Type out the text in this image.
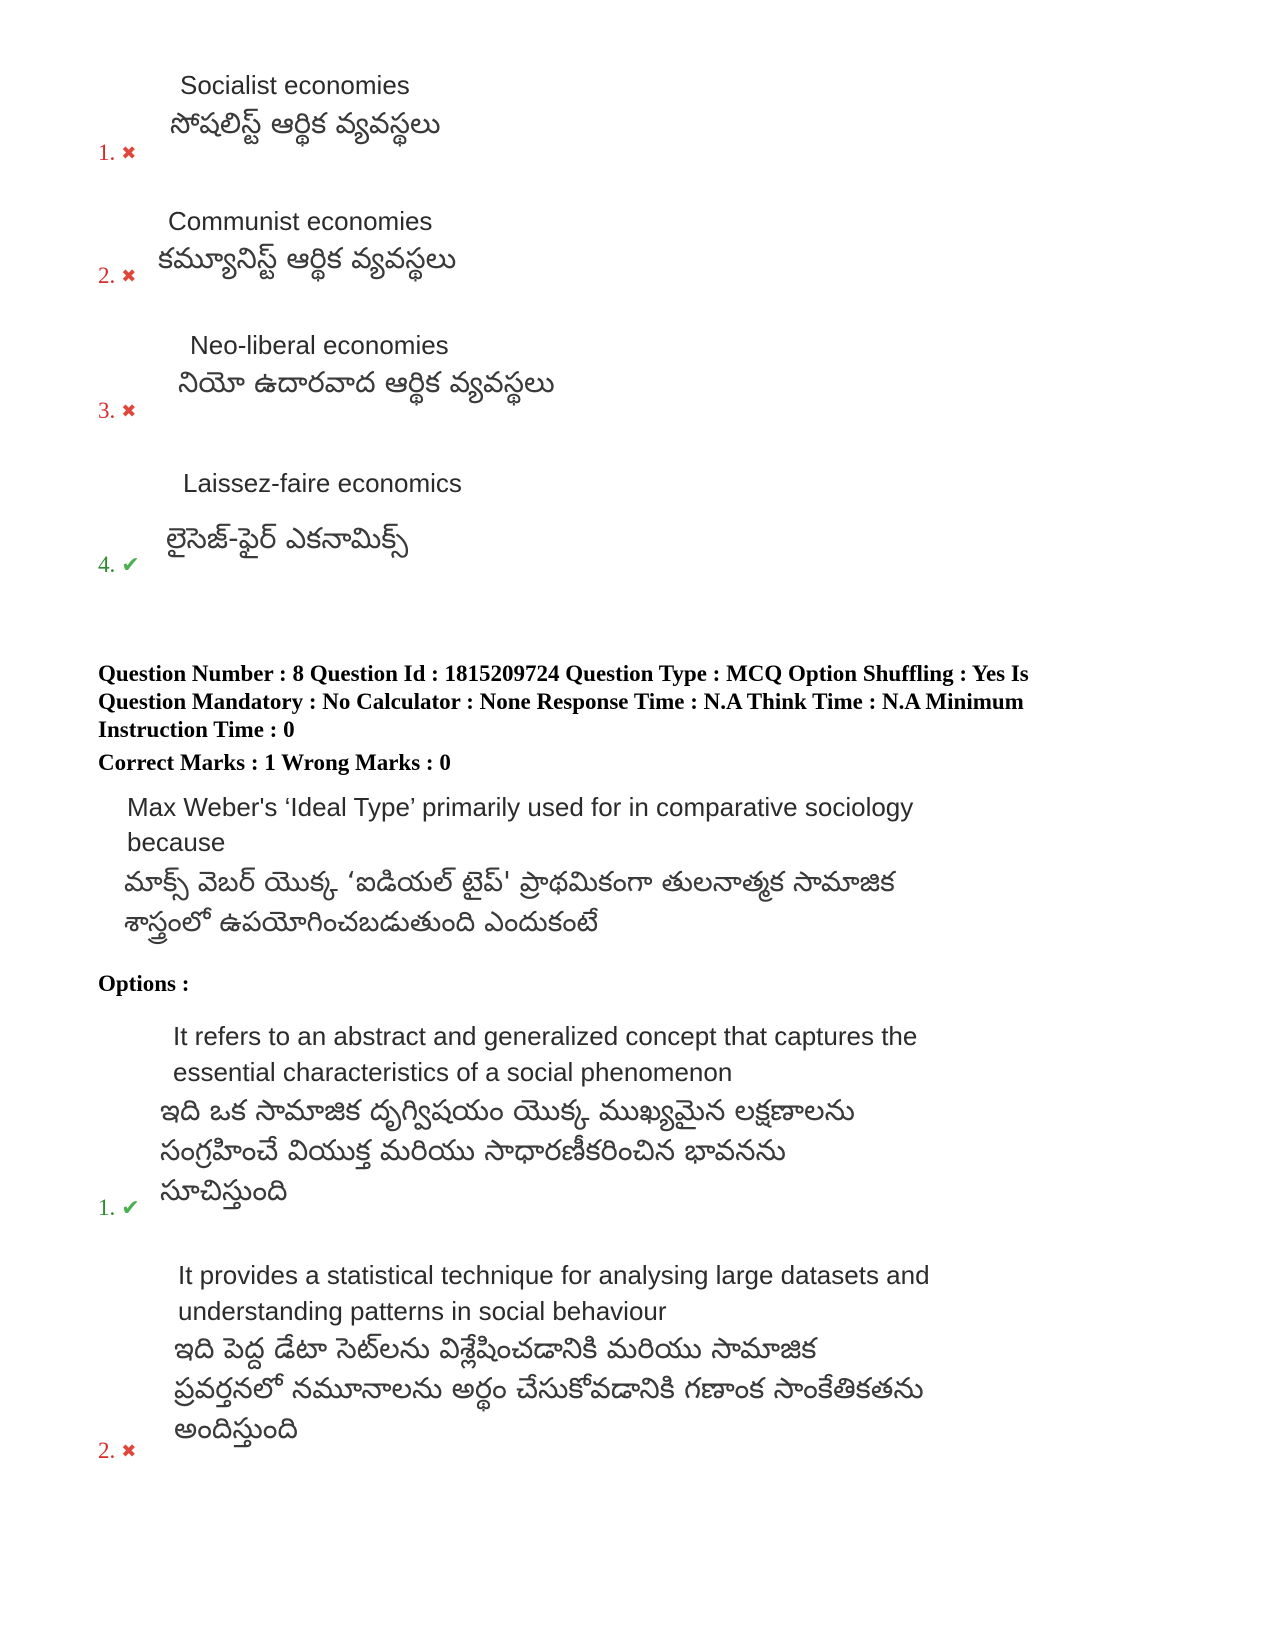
Socialist economies
సోషలిస్ట్ ఆర్థిక వ్యవస్థలు
1. ✖
Communist economies
కమ్యూనిస్ట్ ఆర్థిక వ్యవస్థలు
2. ✖
Neo-liberal economies
నియో ఉదారవాద ఆర్థిక వ్యవస్థలు
3. ✖
Laissez-faire economics
లైసెజ్-ఫైర్ ఎకనామిక్స్
4. ✔
Question Number : 8 Question Id : 1815209724 Question Type : MCQ Option Shuffling : Yes Is
Question Mandatory : No Calculator : None Response Time : N.A Think Time : N.A Minimum
Instruction Time : 0
Correct Marks : 1 Wrong Marks : 0
Max Weber's ‘Ideal Type’ primarily used for in comparative sociology
because
మాక్స్ వెబర్ యొక్క ‘ఐడియల్ టైప్' ప్రాథమికంగా తులనాత్మక సామాజిక
శాస్త్రంలో ఉపయోగించబడుతుంది ఎందుకంటే
Options :
It refers to an abstract and generalized concept that captures the
essential characteristics of a social phenomenon
ఇది ఒక సామాజిక దృగ్విషయం యొక్క ముఖ్యమైన లక్షణాలను
సంగ్రహించే వియుక్త మరియు సాధారణీకరించిన భావనను
సూచిస్తుంది
1. ✔
It provides a statistical technique for analysing large datasets and
understanding patterns in social behaviour
ఇది పెద్ద డేటా సెట్‌లను విశ్లేషించడానికి మరియు సామాజిక
ప్రవర్తనలో నమూనాలను అర్థం చేసుకోవడానికి గణాంక సాంకేతికతను
అందిస్తుంది
2. ✖
